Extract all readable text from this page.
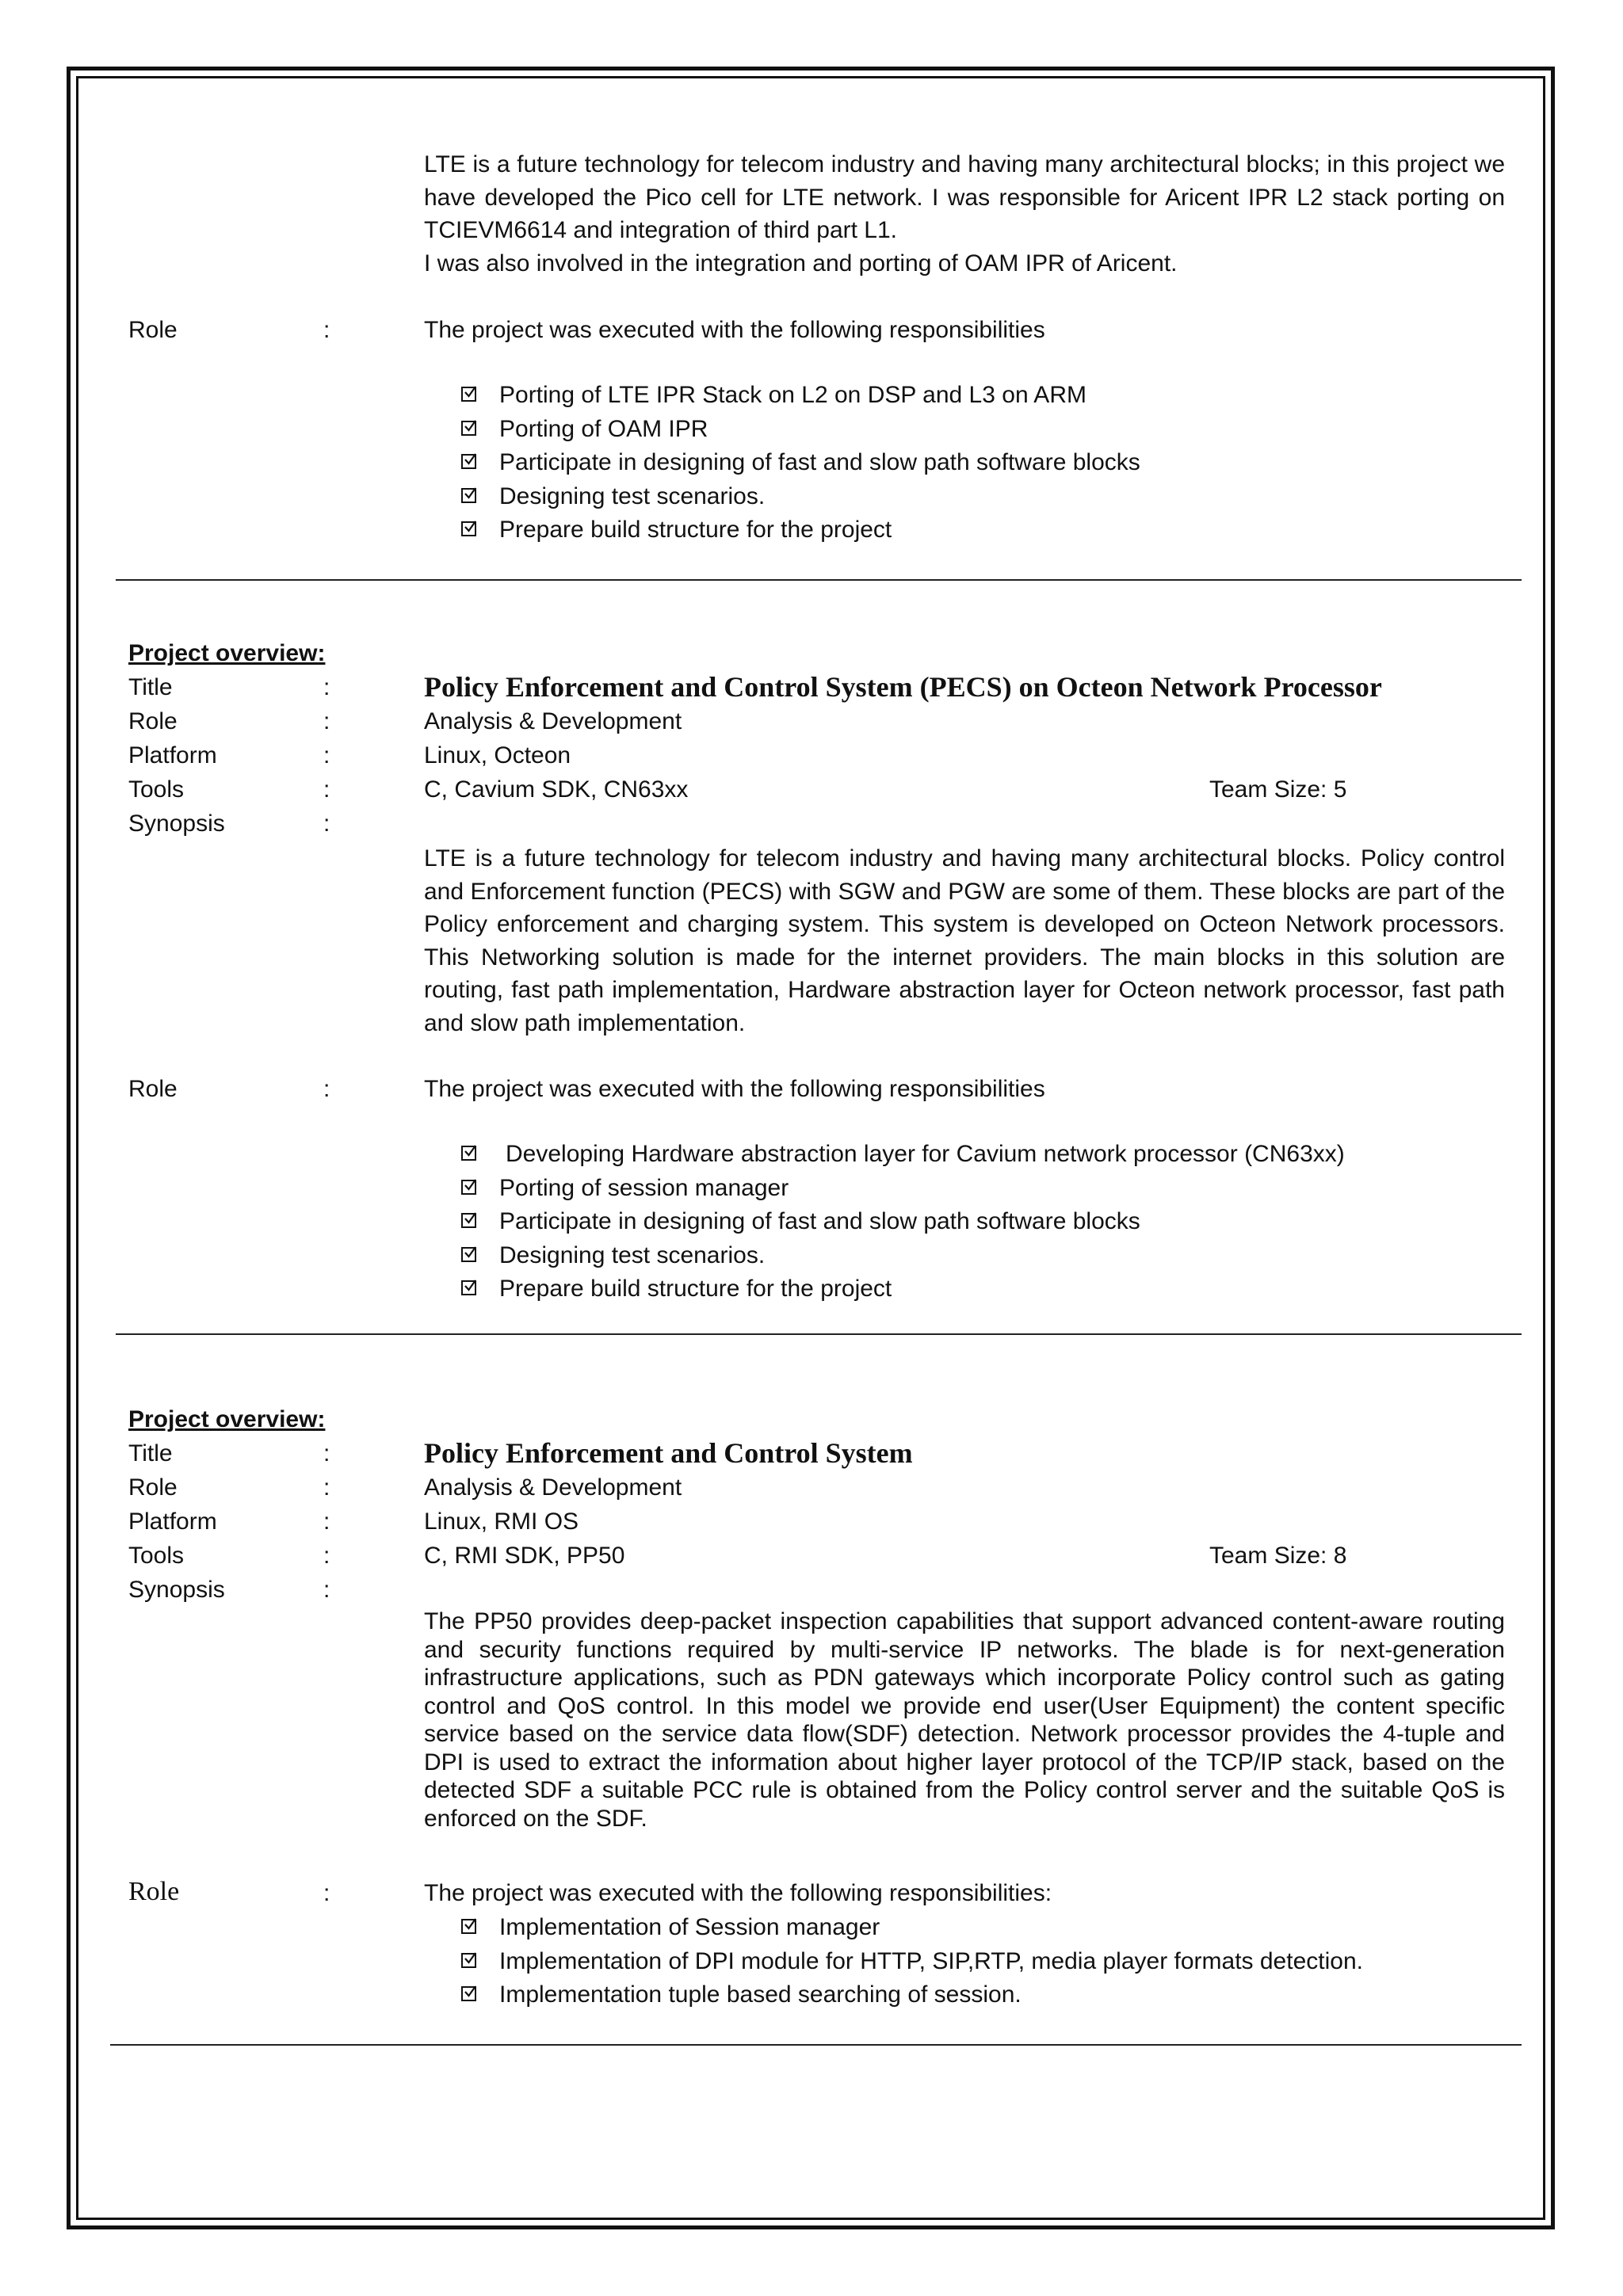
LTE is a future technology for telecom industry and having many architectural blocks; in this project we have developed the Pico cell for LTE network. I was responsible for Aricent IPR L2 stack porting on TCIEVM6614 and integration of third part L1.

I was also involved in the integration and porting of OAM IPR of Aricent.

Role	:	The project was executed with the following responsibilities
Porting of LTE IPR Stack on L2 on DSP and L3 on ARM
Porting of OAM IPR
Participate in designing of fast and slow path software blocks
Designing test scenarios.
Prepare build structure for the project
Project overview:
Title	:	Policy Enforcement and Control System (PECS) on Octeon Network Processor
Role	:	Analysis & Development
Platform	:	Linux, Octeon
Tools	:	C, Cavium SDK, CN63xx	Team Size: 5
Synopsis	:

LTE is a future technology for telecom industry and having many architectural blocks. Policy control and Enforcement function (PECS) with SGW and PGW are some of them. These blocks are part of the Policy enforcement and charging system. This system is developed on Octeon Network processors. This Networking solution is made for the internet providers. The main blocks in this solution are routing, fast path implementation, Hardware abstraction layer for Octeon network processor, fast path and slow path implementation.

Role	:	The project was executed with the following responsibilities
Developing Hardware abstraction layer for Cavium network processor (CN63xx)
Porting of session manager
Participate in designing of fast and slow path software blocks
Designing test scenarios.
Prepare build structure for the project
Project overview:
Title	:	Policy Enforcement and Control System
Role	:	Analysis & Development
Platform	:	Linux, RMI OS
Tools	:	C, RMI SDK, PP50	Team Size: 8
Synopsis	:

The PP50 provides deep-packet inspection capabilities that support advanced content-aware routing and security functions required by multi-service IP networks. The blade is for next-generation infrastructure applications, such as PDN gateways which incorporate Policy control such as gating control and QoS control. In this model we provide end user(User Equipment) the content specific service based on the service data flow(SDF) detection. Network processor provides the 4-tuple and DPI is used to extract the information about higher layer protocol of the TCP/IP stack, based on the detected SDF a suitable PCC rule is obtained from the Policy control server and the suitable QoS is enforced on the SDF.

Role	:	The project was executed with the following responsibilities:
Implementation of Session manager
Implementation of DPI module for HTTP, SIP,RTP, media player formats detection.
Implementation tuple based searching of session.
